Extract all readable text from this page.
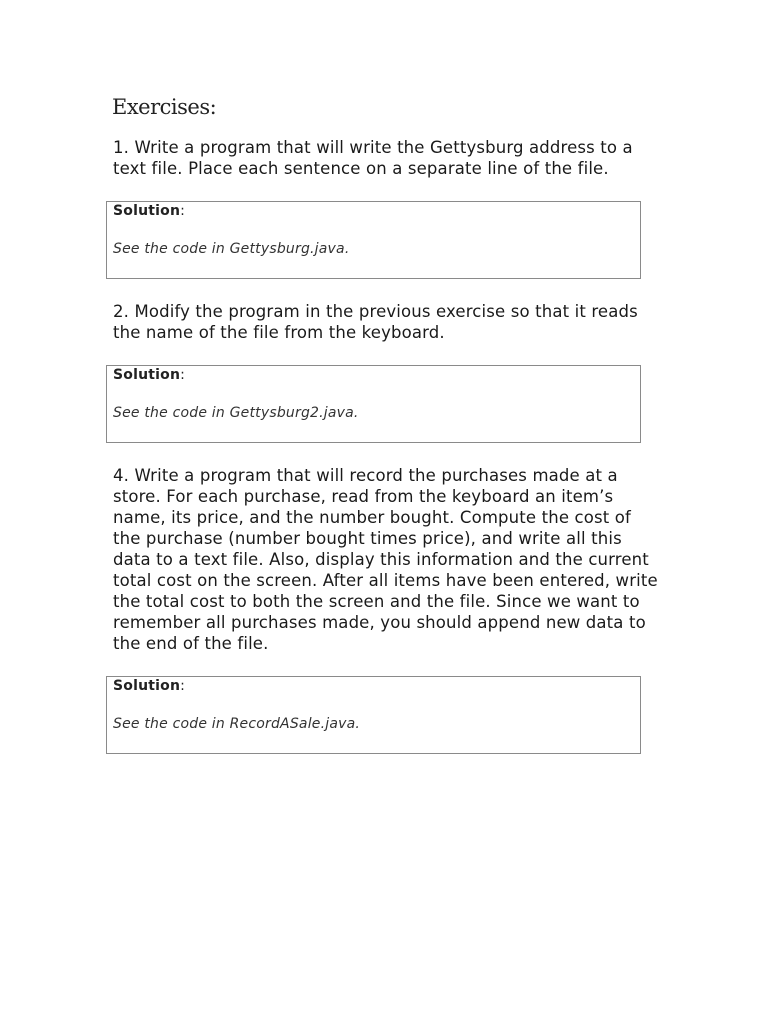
Exercises:

1. Write a program that will write the Gettysburg address to a text file. Place each sentence on a separate line of the file.

Solution:
See the code in Gettysburg.java.

2. Modify the program in the previous exercise so that it reads the name of the file from the keyboard.

Solution:
See the code in Gettysburg2.java.

4. Write a program that will record the purchases made at a store. For each purchase, read from the keyboard an item’s name, its price, and the number bought. Compute the cost of the purchase (number bought times price), and write all this data to a text file. Also, display this information and the current total cost on the screen. After all items have been entered, write the total cost to both the screen and the file. Since we want to remember all purchases made, you should append new data to the end of the file.

Solution:
See the code in RecordASale.java.
